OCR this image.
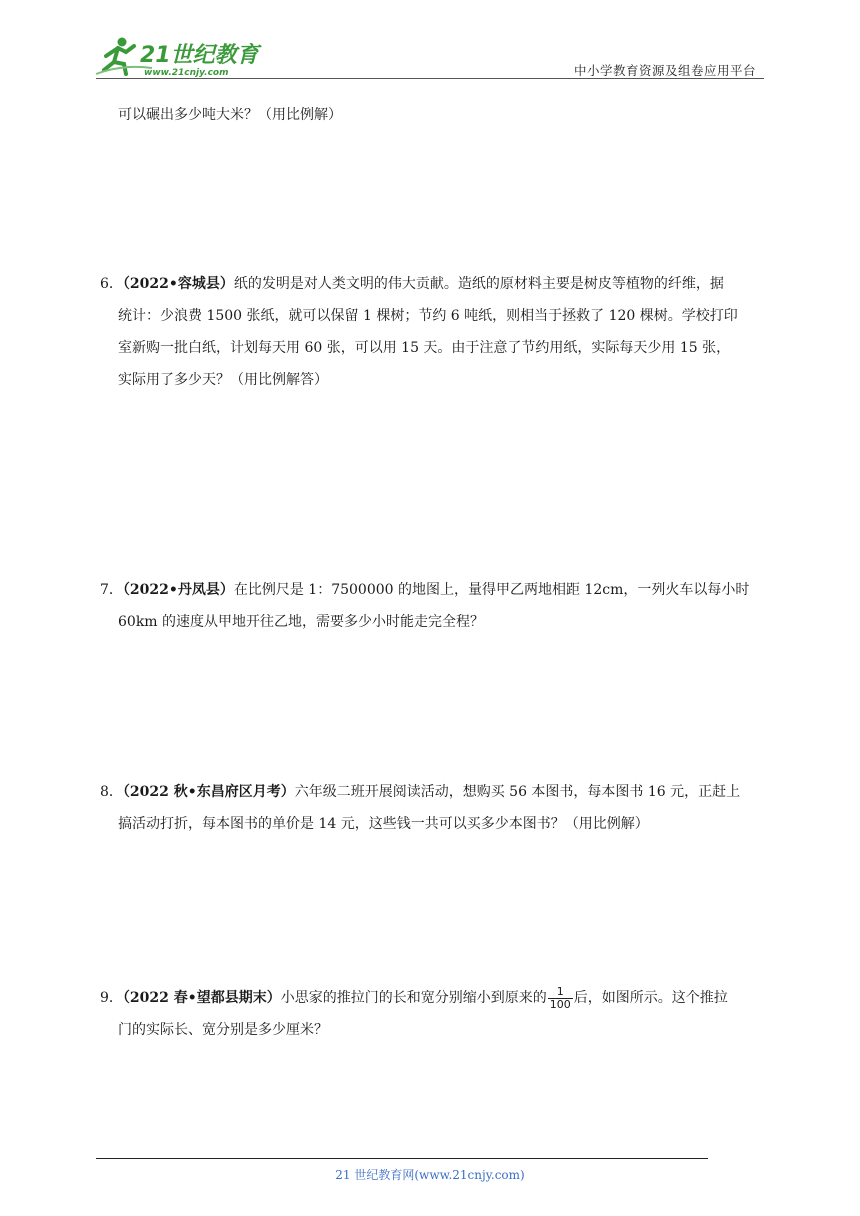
21世纪教育
www.21cnjy.com	中小学教育资源及组卷应用平台
可以碾出多少吨大米？（用比例解）
6．（2022•容城县）纸的发明是对人类文明的伟大贡献。造纸的原材料主要是树皮等植物的纤维，据
统计：少浪费 1500 张纸，就可以保留 1 棵树；节约 6 吨纸，则相当于拯救了 120 棵树。学校打印
室新购一批白纸，计划每天用 60 张，可以用 15 天。由于注意了节约用纸，实际每天少用 15 张，
实际用了多少天？（用比例解答）
7．（2022•丹凤县）在比例尺是 1：7500000 的地图上，量得甲乙两地相距 12cm，一列火车以每小时
60km 的速度从甲地开往乙地，需要多少小时能走完全程？
8．（2022 秋•东昌府区月考）六年级二班开展阅读活动，想购买 56 本图书，每本图书 16 元，正赶上
搞活动打折，每本图书的单价是 14 元，这些钱一共可以买多少本图书？（用比例解）
9．（2022 春•望都县期末）小思家的推拉门的长和宽分别缩小到原来的 $\frac{1}{100}$ 后，如图所示。这个推拉
门的实际长、宽分别是多少厘米？
21 世纪教育网(www.21cnjy.com)
